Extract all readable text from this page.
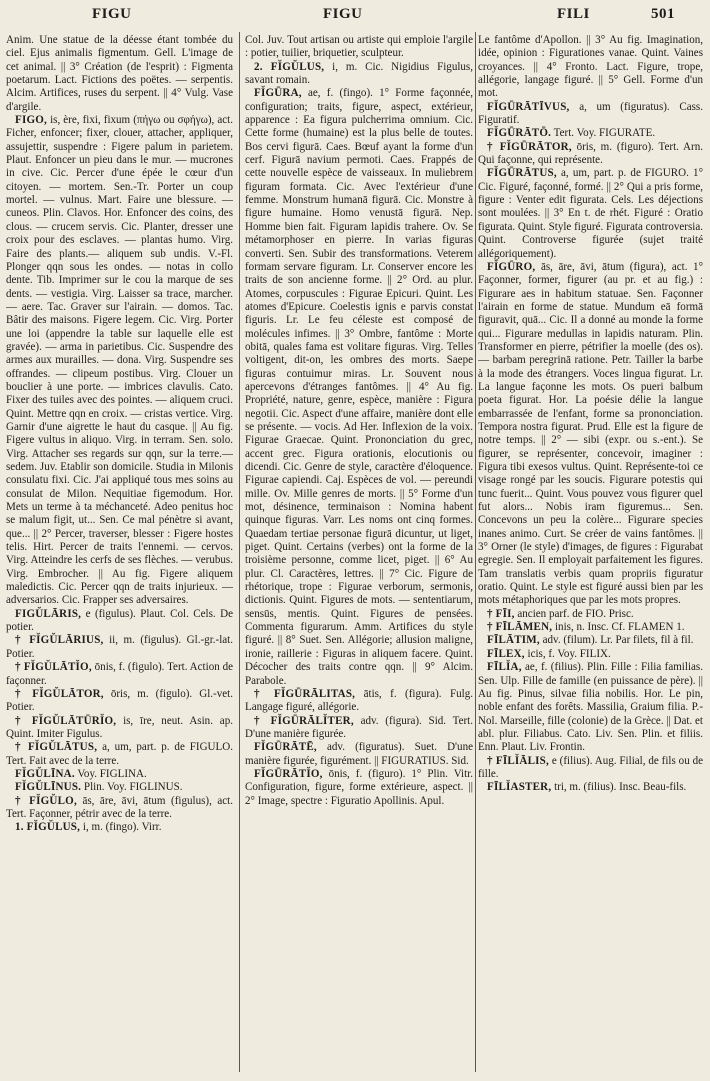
FIGU	FIGU	FILI	501
Anim. Une statue de la déesse étant tombée du ciel. Ejus animalis figmentum. Gell. L'image de cet animal. || 3° Création (de l'esprit) : Figmenta poetarum. Lact. Fictions des poëtes. — serpentis. Alcim. Artifices, ruses du serpent. || 4° Vulg. Vase d'argile.
FIGO, is, ère, fixi, fixum (πήγω ou σφήγω), act. Ficher, enfoncer; fixer, clouer, attacher, appliquer, assujettir, suspendre : Figere palum in parietem. Plaut. Enfoncer un pieu dans le mur. — mucrones in cive. Cic. Percer d'une épée le cœur d'un citoyen. — mortem. Sen.-Tr. Porter un coup mortel. — vulnus. Mart. Faire une blessure. — cuneos. Plin. Clavos. Hor. Enfoncer des coins, des clous. — crucem servis. Cic. Planter, dresser une croix pour des esclaves. — plantas humo. Virg. Faire des plants.— aliquem sub undis. V.-Fl. Plonger qqn sous les ondes. — notas in collo dente. Tib. Imprimer sur le cou la marque de ses dents. — vestigia. Virg. Laisser sa trace, marcher. — aere. Tac. Graver sur l'airain. — domos. Tac. Bâtir des maisons. Figere legem. Cic. Virg. Porter une loi (appendre la table sur laquelle elle est gravée). — arma in parietibus. Cic. Suspendre des armes aux murailles. — dona. Virg. Suspendre ses offrandes. — clipeum postibus. Virg. Clouer un bouclier à une porte. — imbrices clavulis. Cato. Fixer des tuiles avec des pointes. — aliquem cruci. Quint. Mettre qqn en croix. — cristas vertice. Virg. Garnir d'une aigrette le haut du casque. || Au fig. Figere vultus in aliquo. Virg. in terram. Sen. solo. Virg. Attacher ses regards sur qqn, sur la terre.— sedem. Juv. Etablir son domicile. Studia in Milonis consulatu fixi. Cic. J'ai appliqué tous mes soins au consulat de Milon. Nequitiae figemodum. Hor. Mets un terme à ta méchanceté. Adeo penitus hoc se malum figit, ut... Sen. Ce mal pénètre si avant, que... || 2° Percer, traverser, blesser : Figere hostes telis. Hirt. Percer de traits l'ennemi. — cervos. Virg. Atteindre les cerfs de ses flèches. — verubus. Virg. Embrocher. || Au fig. Figere aliquem maledictis. Cic. Percer qqn de traits injurieux. — adversarios. Cic. Frapper ses adversaires.
FIGŬLĀRIS, e (figulus). Plaut. Col. Cels. De potier.
† FĬGŬLĀRIUS, ii, m. (figulus). Gl.-gr.-lat. Potier.
† FĬGŬLĀTĬO, ōnis, f. (figulo). Tert. Action de façonner.
† FĬGŬLĀTOR, ōris, m. (figulo). Gl.-vet. Potier.
† FĬGŬLĀTŪRĬO, is, īre, neut. Asin. ap. Quint. Imiter Figulus.
† FĬGŬLĀTUS, a, um, part. p. de FIGULO. Tert. Fait avec de la terre.
FĬGŬLĪNA. Voy. FIGLINA.
FĬGŬLĪNUS. Plin. Voy. FIGLINUS.
† FĬGŬLO, ās, āre, āvi, ātum (figulus), act. Tert. Façonner, pétrir avec de la terre.
1. FĬGŬLUS, i, m. (fingo). Virr.
Col. Juv. Tout artisan ou artiste qui emploie l'argile : potier, tuilier, briquetier, sculpteur.
2. FĬGŬLUS, i, m. Cic. Nigidius Figulus, savant romain.
FĬGŪRA, ae, f. (fingo). 1° Forme façonnée, configuration; traits, figure, aspect, extérieur, apparence : Ea figura pulcherrima omnium. Cic. Cette forme (humaine) est la plus belle de toutes. Bos cervi figurā. Caes. Bœuf ayant la forme d'un cerf. Figurā navium permoti. Caes. Frappés de cette nouvelle espèce de vaisseaux. In muliebrem figuram formata. Cic. Avec l'extérieur d'une femme. Monstrum humanā figurā. Cic. Monstre à figure humaine. Homo venustā figurā. Nep. Homme bien fait. Figuram lapidis trahere. Ov. Se métamorphoser en pierre. In varias figuras converti. Sen. Subir des transformations. Veterem formam servare figuram. Lr. Conserver encore les traits de son ancienne forme. || 2° Ord. au plur. Atomes, corpuscules : Figurae Epicuri. Quint. Les atomes d'Epicure. Coelestis ignis e parvis constat figuris. Lr. Le feu céleste est composé de molécules infimes. || 3° Ombre, fantôme : Morte obitā, quales fama est volitare figuras. Virg. Telles voltigent, dit-on, les ombres des morts. Saepe figuras contuimur miras. Lr. Souvent nous apercevons d'étranges fantômes. || 4° Au fig. Propriété, nature, genre, espèce, manière : Figura negotii. Cic. Aspect d'une affaire, manière dont elle se présente. — vocis. Ad Her. Inflexion de la voix. Figurae Graecae. Quint. Prononciation du grec, accent grec. Figura orationis, elocutionis ou dicendi. Cic. Genre de style, caractère d'éloquence. Figurae capiendi. Caj. Espèces de vol. — pereundi mille. Ov. Mille genres de morts. || 5° Forme d'un mot, désinence, terminaison : Nomina habent quinque figuras. Varr. Les noms ont cinq formes. Quaedam tertiae personae figurā dicuntur, ut liget, piget. Quint. Certains (verbes) ont la forme de la troisième personne, comme licet, piget. || 6° Au plur. Cl. Caractères, lettres. || 7° Cic. Figure de rhétorique, trope : Figurae verborum, sermonis, dictionis. Quint. Figures de mots. — sententiarum, sensūs, mentis. Quint. Figures de pensées. Commenta figurarum. Amm. Artifices du style figuré. || 8° Suet. Sen. Allégorie; allusion maligne, ironie, raillerie : Figuras in aliquem facere. Quint. Décocher des traits contre qqn. || 9° Alcim. Parabole.
† FĬGŪRĀLITAS, ātis, f. (figura). Fulg. Langage figuré, allégorie.
† FĬGŪRĀLĬTER, adv. (figura). Sid. Tert. D'une manière figurée.
FĬGŪRĀTĒ, adv. (figuratus). Suet. D'une manière figurée, figurément. || FIGURATIUS. Sid.
FĬGŪRĀTĬO, ōnis, f. (figuro). 1° Plin. Vitr. Configuration, figure, forme extérieure, aspect. || 2° Image, spectre : Figuratio Apollinis. Apul.
Le fantôme d'Apollon. || 3° Au fig. Imagination, idée, opinion : Figurationes vanae. Quint. Vaines croyances. || 4° Fronto. Lact. Figure, trope, allégorie, langage figuré. || 5° Gell. Forme d'un mot.
FĬGŪRĀTĪVUS, a, um (figuratus). Cass. Figuratif.
FĬGŪRĀTŌ. Tert. Voy. FIGURATE.
† FĬGŪRĀTOR, ōris, m. (figuro). Tert. Arn. Qui façonne, qui représente.
FĬGŪRĀTUS, a, um, part. p. de FIGURO. 1° Cic. Figuré, façonné, formé. || 2° Qui a pris forme, figure : Venter edit figurata. Cels. Les déjections sont moulées. || 3° En t. de rhét. Figuré : Oratio figurata. Quint. Style figuré. Figurata controversia. Quint. Controverse figurée (sujet traité allégoriquement).
FĬGŪRO, ās, āre, āvi, ātum (figura), act. 1° Façonner, former, figurer (au pr. et au fig.) : Figurare aes in habitum statuae. Sen. Façonner l'airain en forme de statue. Mundum eā formā figuravit, quā... Cic. Il a donné au monde la forme qui... Figurare medullas in lapidis naturam. Plin. Transformer en pierre, pétrifier la moelle (des os). — barbam peregrinā ratione. Petr. Tailler la barbe à la mode des étrangers. Voces lingua figurat. Lr. La langue façonne les mots. Os pueri balbum poeta figurat. Hor. La poésie délie la langue embarrassée de l'enfant, forme sa prononciation. Tempora nostra figurat. Prud. Elle est la figure de notre temps. || 2° — sibi (expr. ou s.-ent.). Se figurer, se représenter, concevoir, imaginer : Figura tibi exesos vultus. Quint. Représente-toi ce visage rongé par les soucis. Figurare potestis qui tunc fuerit... Quint. Vous pouvez vous figurer quel fut alors... Nobis iram figuremus... Sen. Concevons un peu la colère... Figurare species inanes animo. Curt. Se créer de vains fantômes. || 3° Orner (le style) d'images, de figures : Figurabat egregie. Sen. Il employait parfaitement les figures. Tam translatis verbis quam propriis figuratur oratio. Quint. Le style est figuré aussi bien par les mots métaphoriques que par les mots propres.
† FĪI, ancien parf. de FIO. Prisc.
† FĪLĀMEN, inis, n. Insc. Cf. FLAMEN 1.
FĪLĀTIM, adv. (filum). Lr. Par filets, fil à fil.
FĪLEX, icis, f. Voy. FILIX.
FĪLĬA, ae, f. (filius). Plin. Fille : Filia familias. Sen. Ulp. Fille de famille (en puissance de père). || Au fig. Pinus, silvae filia nobilis. Hor. Le pin, noble enfant des forêts. Massilia, Graium filia. P.-Nol. Marseille, fille (colonie) de la Grèce. || Dat. et abl. plur. Filiabus. Cato. Liv. Sen. Plin. et filiis. Enn. Plaut. Liv. Frontin.
† FĪLĬĀLIS, e (filius). Aug. Filial, de fils ou de fille.
FĪLĬASTER, tri, m. (filius). Insc. Beau-fils.
